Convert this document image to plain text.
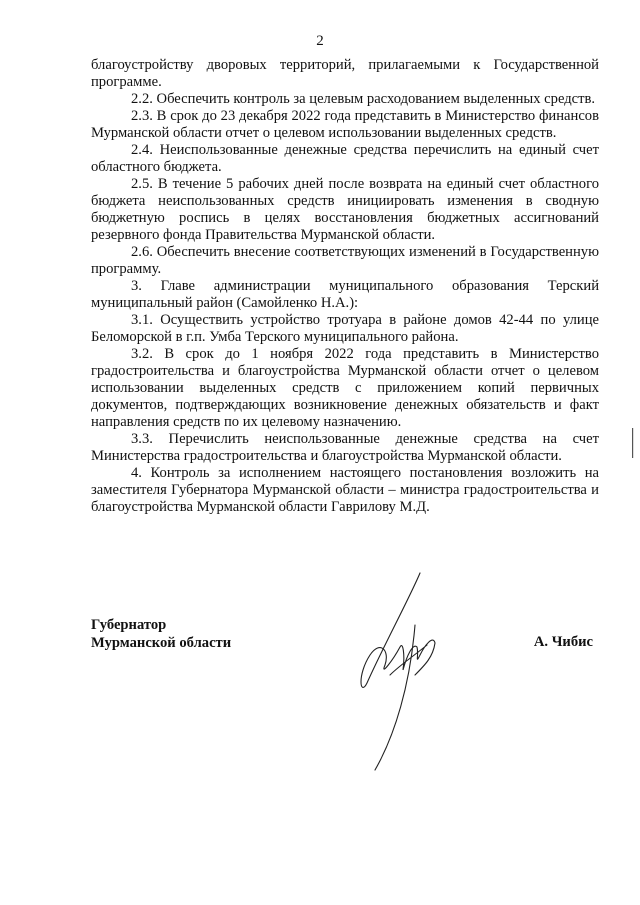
2

благоустройству дворовых территорий, прилагаемыми к Государственной программе.

2.2. Обеспечить контроль за целевым расходованием выделенных средств.

2.3. В срок до 23 декабря 2022 года представить в Министерство финансов Мурманской области отчет о целевом использовании выделенных средств.

2.4. Неиспользованные денежные средства перечислить на единый счет областного бюджета.

2.5. В течение 5 рабочих дней после возврата на единый счет областного бюджета неиспользованных средств инициировать изменения в сводную бюджетную роспись в целях восстановления бюджетных ассигнований резервного фонда Правительства Мурманской области.

2.6. Обеспечить внесение соответствующих изменений в Государственную программу.

3. Главе администрации муниципального образования Терский муниципальный район (Самойленко Н.А.):

3.1. Осуществить устройство тротуара в районе домов 42-44 по улице Беломорской в г.п. Умба Терского муниципального района.

3.2. В срок до 1 ноября 2022 года представить в Министерство градостроительства и благоустройства Мурманской области отчет о целевом использовании выделенных средств с приложением копий первичных документов, подтверждающих возникновение денежных обязательств и факт направления средств по их целевому назначению.

3.3. Перечислить неиспользованные денежные средства на счет Министерства градостроительства и благоустройства Мурманской области.

4. Контроль за исполнением настоящего постановления возложить на заместителя Губернатора Мурманской области – министра градостроительства и благоустройства Мурманской области Гаврилову М.Д.

Губернатор
Мурманской области	А. Чибис
